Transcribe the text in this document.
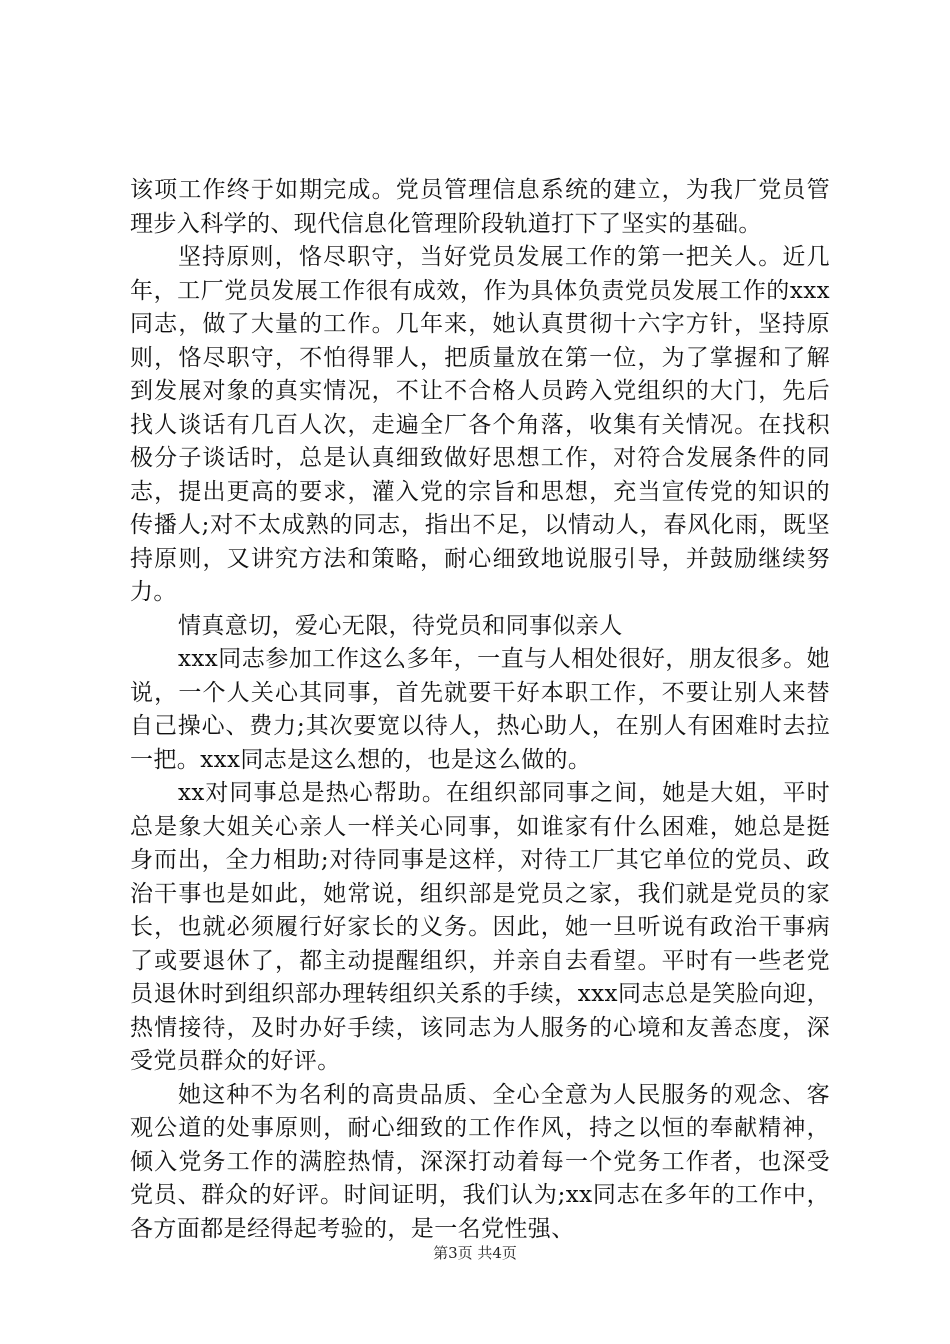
该项工作终于如期完成。党员管理信息系统的建立，为我厂党员管理步入科学的、现代信息化管理阶段轨道打下了坚实的基础。

坚持原则，恪尽职守，当好党员发展工作的第一把关人。近几年，工厂党员发展工作很有成效，作为具体负责党员发展工作的xxx同志，做了大量的工作。几年来，她认真贯彻十六字方针，坚持原则，恪尽职守，不怕得罪人，把质量放在第一位，为了掌握和了解到发展对象的真实情况，不让不合格人员跨入党组织的大门，先后找人谈话有几百人次，走遍全厂各个角落，收集有关情况。在找积极分子谈话时，总是认真细致做好思想工作，对符合发展条件的同志，提出更高的要求，灌入党的宗旨和思想，充当宣传党的知识的传播人;对不太成熟的同志，指出不足，以情动人，春风化雨，既坚持原则，又讲究方法和策略，耐心细致地说服引导，并鼓励继续努力。

情真意切，爱心无限，待党员和同事似亲人

xxx同志参加工作这么多年，一直与人相处很好，朋友很多。她说，一个人关心其同事，首先就要干好本职工作，不要让别人来替自己操心、费力;其次要宽以待人，热心助人，在别人有困难时去拉一把。xxx同志是这么想的，也是这么做的。

xx对同事总是热心帮助。在组织部同事之间，她是大姐，平时总是象大姐关心亲人一样关心同事，如谁家有什么困难，她总是挺身而出，全力相助;对待同事是这样，对待工厂其它单位的党员、政治干事也是如此，她常说，组织部是党员之家，我们就是党员的家长，也就必须履行好家长的义务。因此，她一旦听说有政治干事病了或要退休了，都主动提醒组织，并亲自去看望。平时有一些老党员退休时到组织部办理转组织关系的手续，xxx同志总是笑脸向迎，热情接待，及时办好手续，该同志为人服务的心境和友善态度，深受党员群众的好评。

她这种不为名利的高贵品质、全心全意为人民服务的观念、客观公道的处事原则，耐心细致的工作作风，持之以恒的奉献精神，倾入党务工作的满腔热情，深深打动着每一个党务工作者，也深受党员、群众的好评。时间证明，我们认为;xx同志在多年的工作中，各方面都是经得起考验的，是一名党性强、

第3页 共4页
